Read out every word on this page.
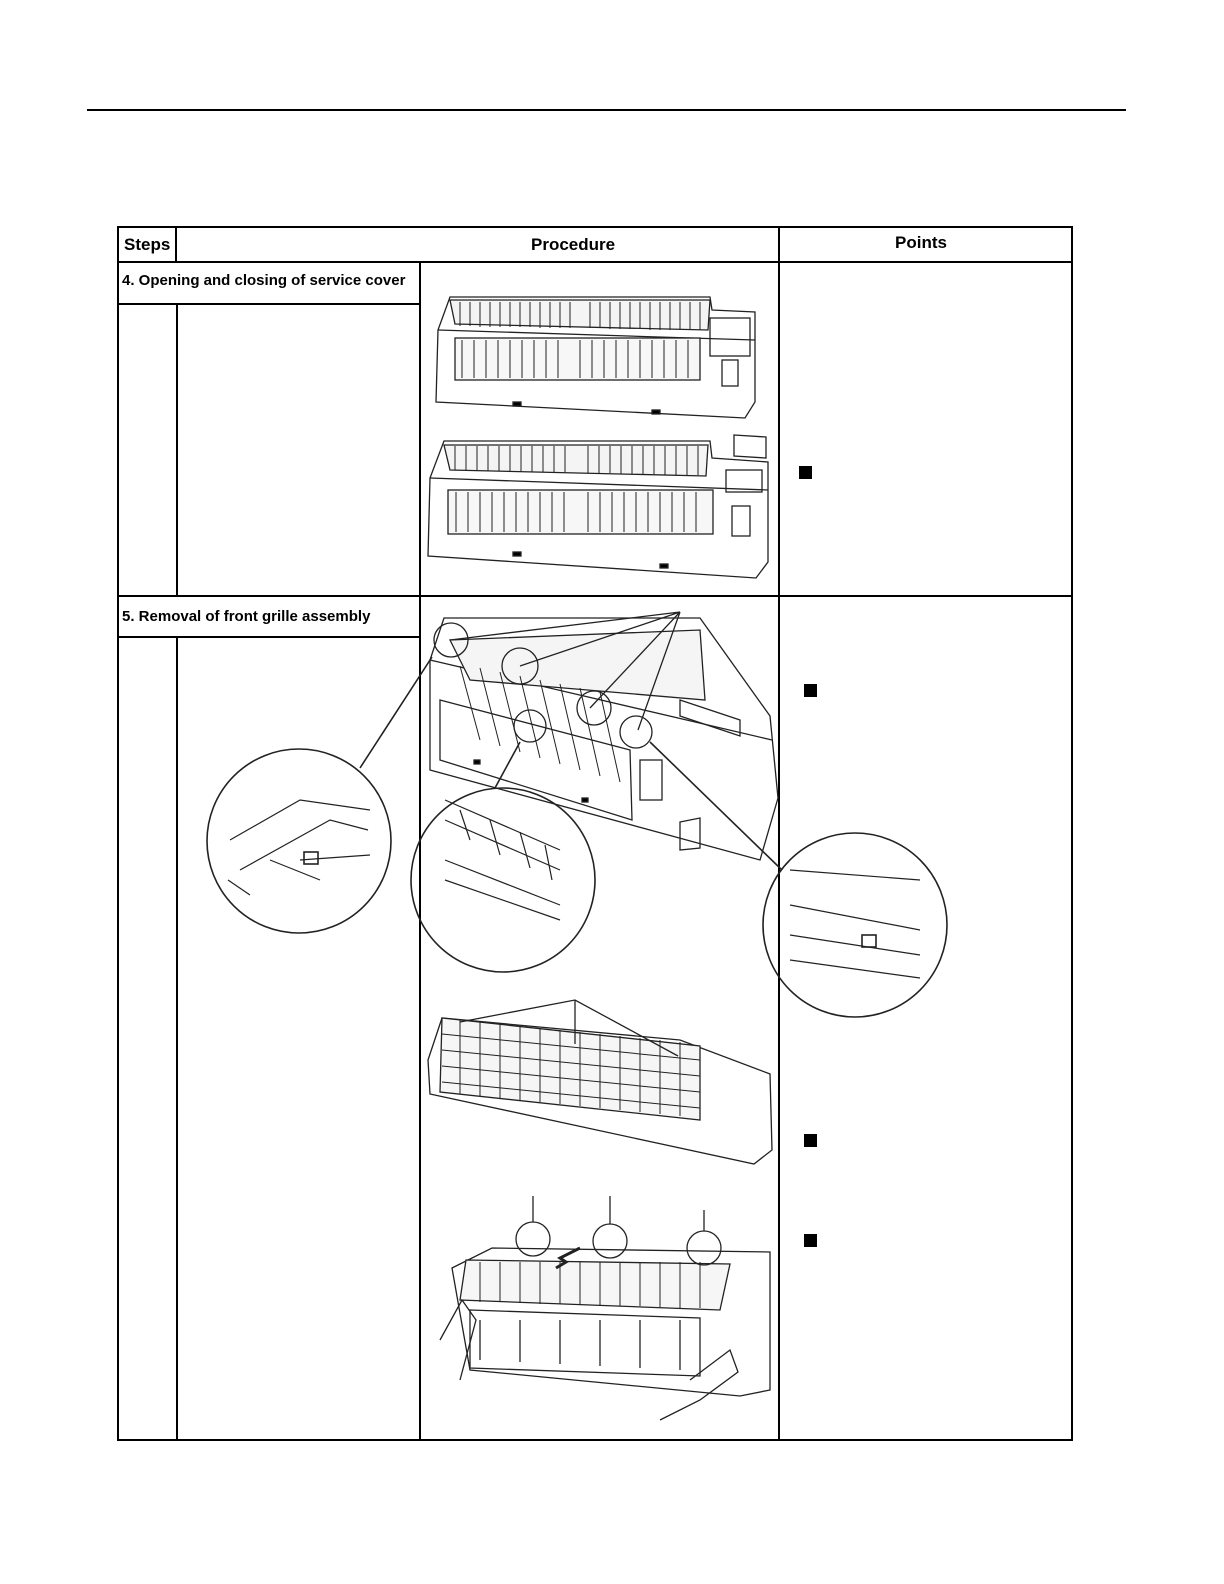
Steps	Procedure	Points
4. Opening and closing of service cover
5. Removal of front grille assembly
